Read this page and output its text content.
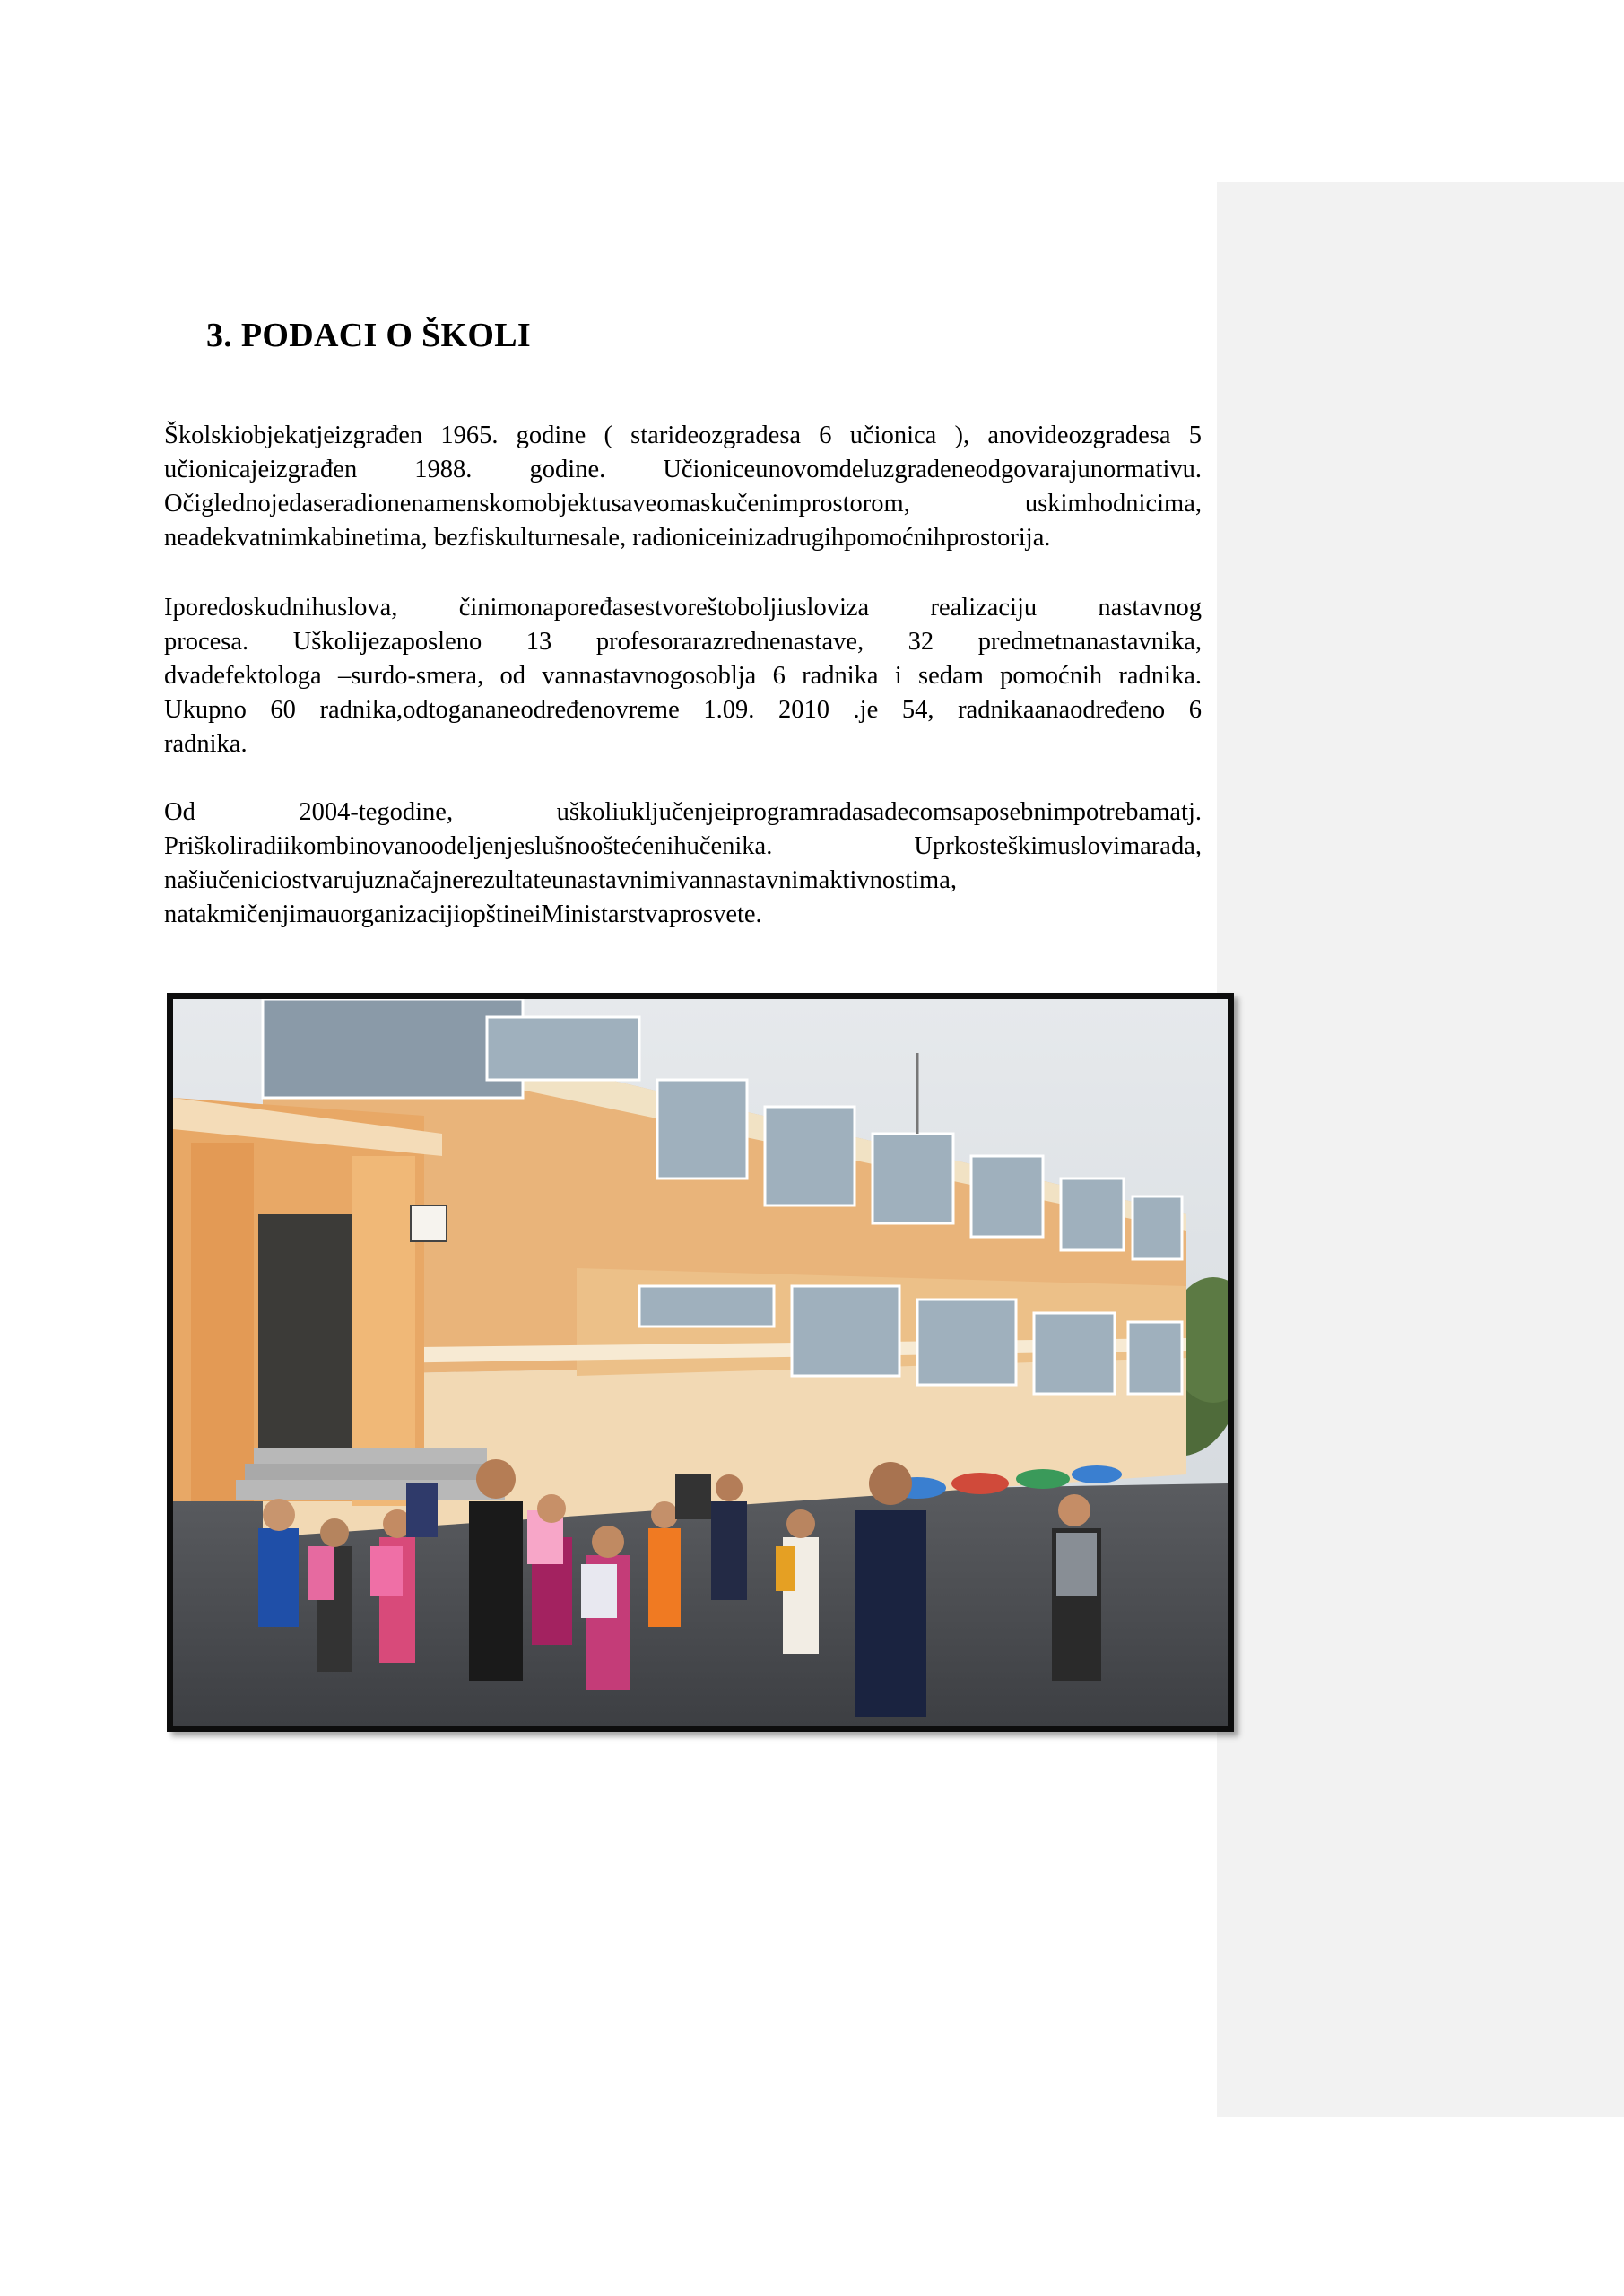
3. PODACI O ŠKOLI

Školskiobjekatjeizgrađen 1965. godine ( starideozgradesa 6 učionica ), anovideozgradesa 5
učionicajeizgrađen 1988. godine. Učioniceunovomdeluzgradeneodgovarajunormativu.
Očiglednojedaseradionenamenskomobjektusaveomaskučenimprostorom, uskimhodnicima,
neadekvatnimkabinetima, bezfiskulturnesale, radioniceinizadrugihpomoćnihprostorija.

Iporedoskudnihuslova, činimonapoređasestvoreštoboljiusloviza realizaciju nastavnog
procesa. Uškolijezaposleno 13 profesorarazrednenastave, 32 predmetnanastavnika,
dvadefektologa –surdo-smera, od vannastavnogosoblja 6 radnika i sedam pomoćnih radnika.
Ukupno 60 radnika,odtogananeodređenovreme 1.09. 2010 .je 54, radnikaanaodređeno 6
radnika.

Od 2004-tegodine, uškoliuključenjeiprogramradasadecomsaposebnimpotrebamatj.
Priškoliradiikombinovanoodeljenjeslušnooštećenihučenika. Uprkosteškimuslovimarada,
našiučeniciostvarujuznačajnerezultateunastavnimivannastavnimaktivnostima,
natakmičenjimauorganizacijiopštineiMinistarstvaprosvete.
